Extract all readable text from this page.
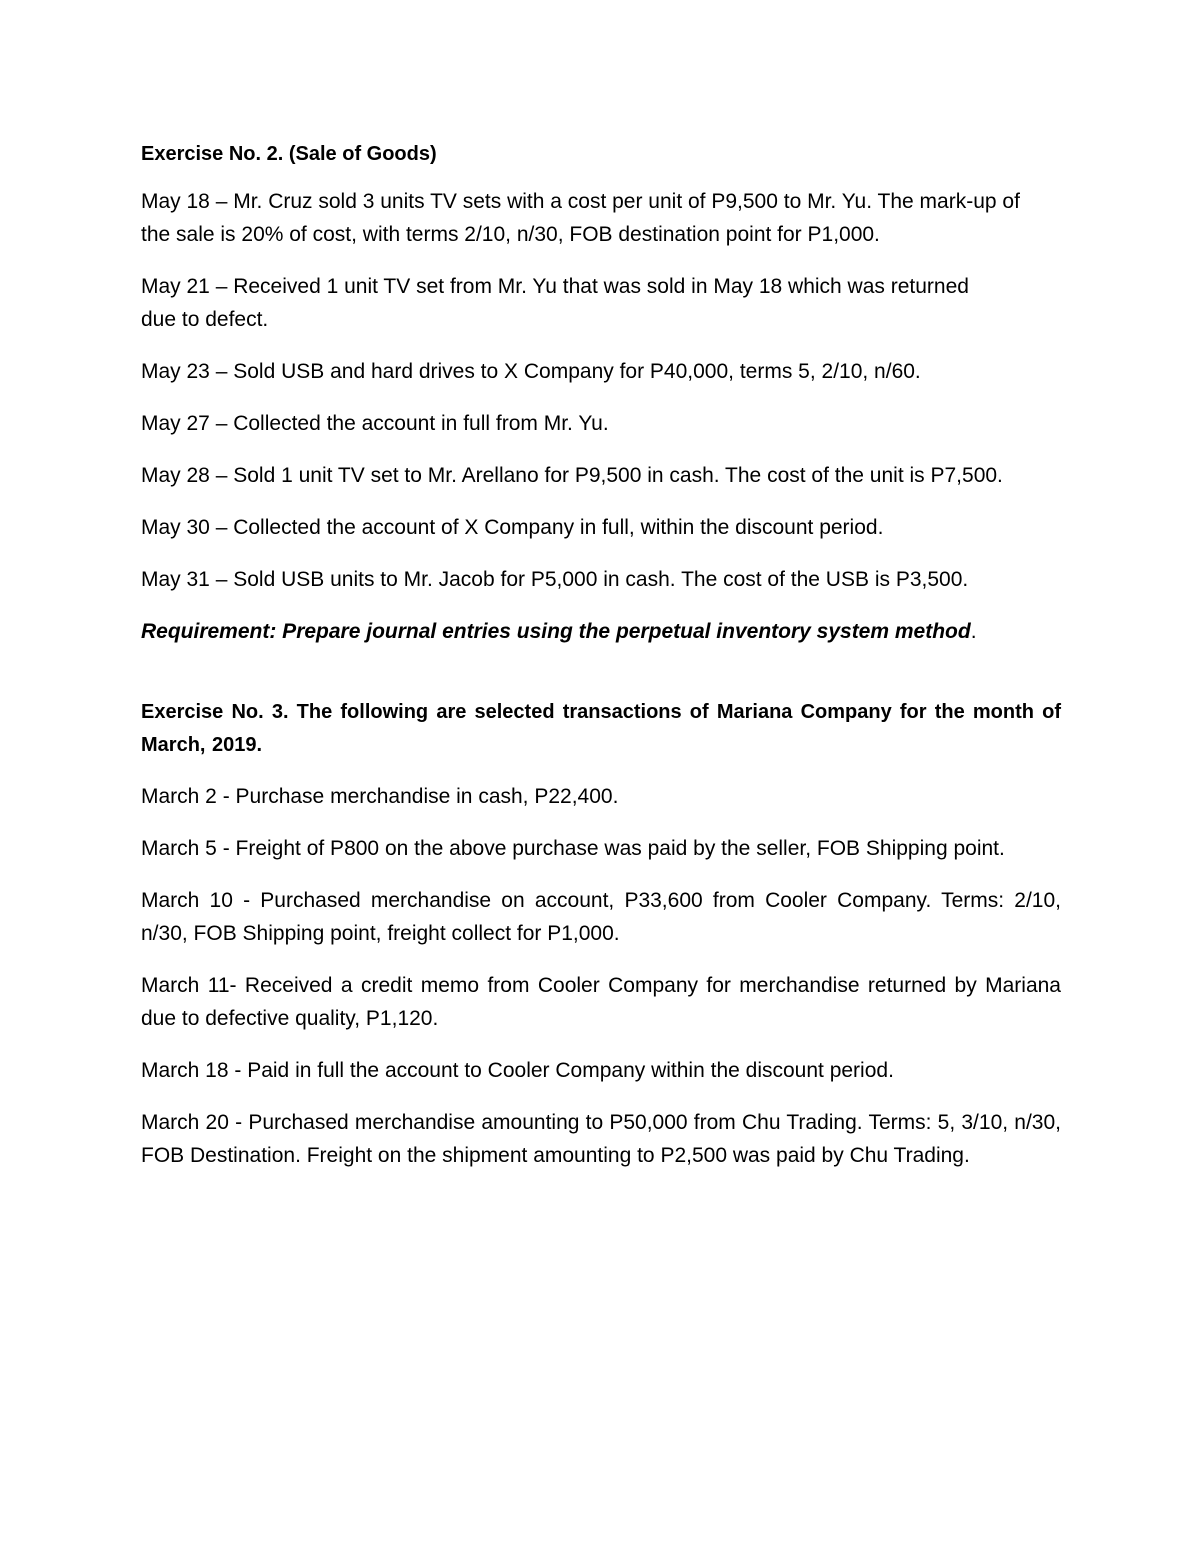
Exercise No. 2. (Sale of Goods)

May 18 – Mr. Cruz sold 3 units TV sets with a cost per unit of P9,500 to Mr. Yu. The mark-up of the sale is 20% of cost, with terms 2/10, n/30, FOB destination point for P1,000.

May 21 – Received 1 unit TV set from Mr. Yu that was sold in May 18 which was returned due to defect.

May 23 – Sold USB and hard drives to X Company for P40,000, terms 5, 2/10, n/60.

May 27 – Collected the account in full from Mr. Yu.

May 28 – Sold 1 unit TV set to Mr. Arellano for P9,500 in cash. The cost of the unit is P7,500.

May 30 – Collected the account of X Company in full, within the discount period.

May 31 – Sold USB units to Mr. Jacob for P5,000 in cash. The cost of the USB is P3,500.

Requirement: Prepare journal entries using the perpetual inventory system method.

Exercise No. 3. The following are selected transactions of Mariana Company for the month of March, 2019.

March 2 - Purchase merchandise in cash, P22,400.

March 5 - Freight of P800 on the above purchase was paid by the seller, FOB Shipping point.

March 10 - Purchased merchandise on account, P33,600 from Cooler Company. Terms: 2/10, n/30, FOB Shipping point, freight collect for P1,000.

March 11- Received a credit memo from Cooler Company for merchandise returned by Mariana due to defective quality, P1,120.

March 18 - Paid in full the account to Cooler Company within the discount period.

March 20 - Purchased merchandise amounting to P50,000 from Chu Trading. Terms: 5, 3/10, n/30, FOB Destination. Freight on the shipment amounting to P2,500 was paid by Chu Trading.
